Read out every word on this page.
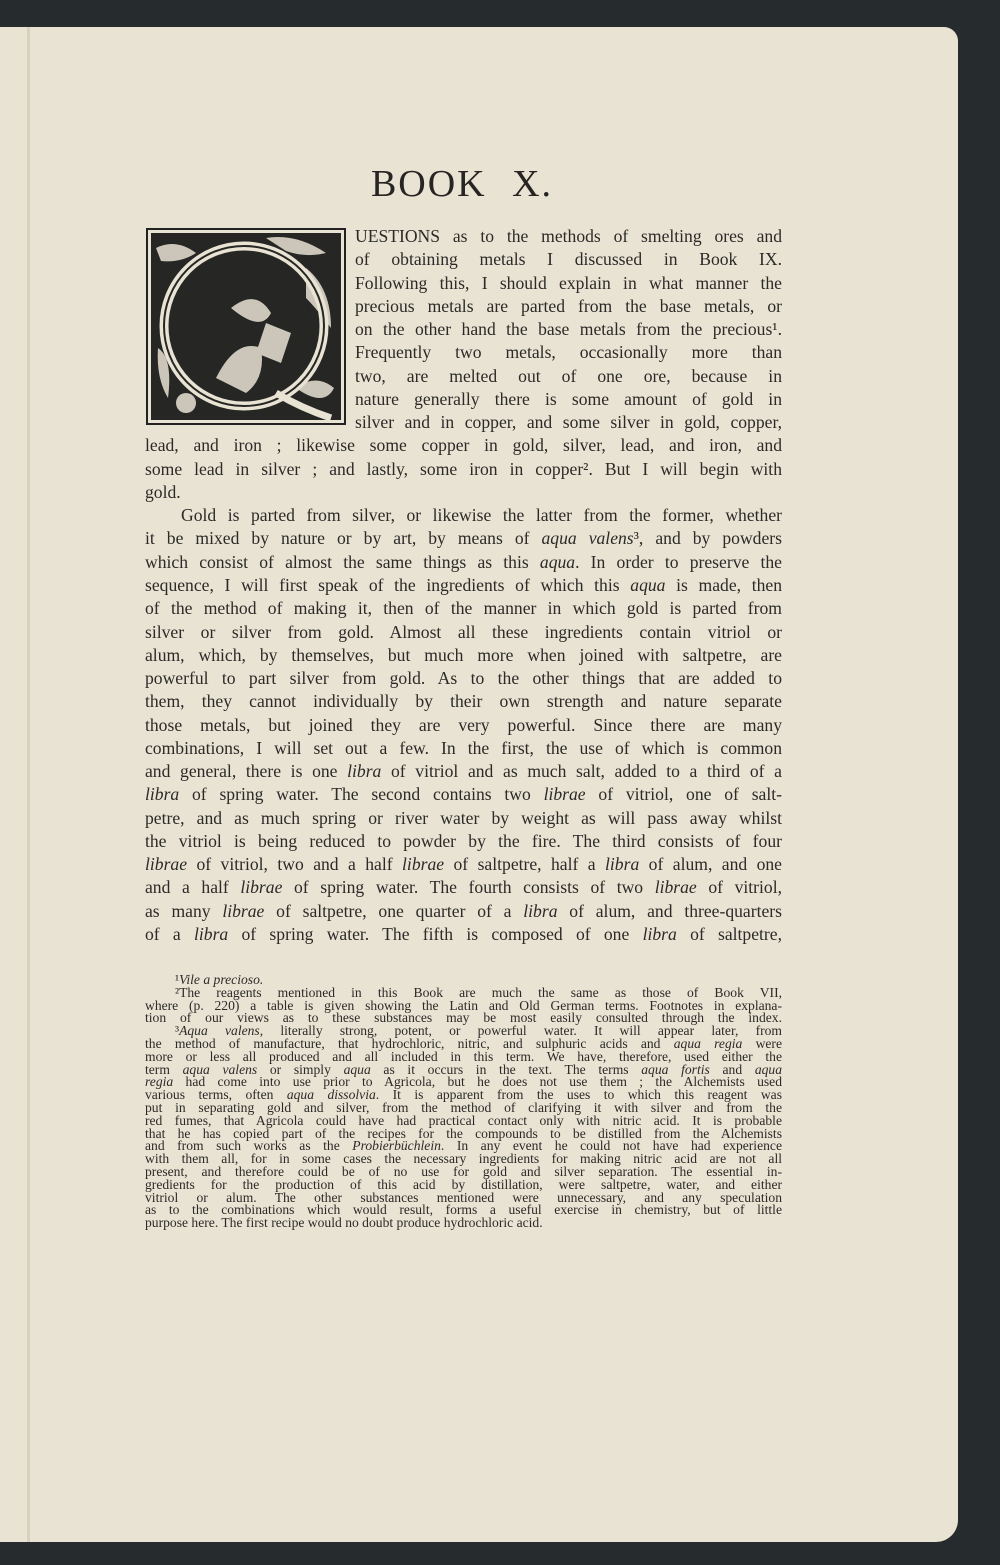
BOOK X.
UESTIONS as to the methods of smelting ores and
of obtaining metals I discussed in Book IX.
Following this, I should explain in what manner the
precious metals are parted from the base metals, or
on the other hand the base metals from the precious¹.
Frequently two metals, occasionally more than
two, are melted out of one ore, because in
nature generally there is some amount of gold in
silver and in copper, and some silver in gold, copper,
lead, and iron ; likewise some copper in gold, silver, lead, and iron, and
some lead in silver ; and lastly, some iron in copper². But I will begin with
gold.
Gold is parted from silver, or likewise the latter from the former, whether
it be mixed by nature or by art, by means of aqua valens³, and by powders
which consist of almost the same things as this aqua. In order to preserve the
sequence, I will first speak of the ingredients of which this aqua is made, then
of the method of making it, then of the manner in which gold is parted from
silver or silver from gold. Almost all these ingredients contain vitriol or
alum, which, by themselves, but much more when joined with saltpetre, are
powerful to part silver from gold. As to the other things that are added to
them, they cannot individually by their own strength and nature separate
those metals, but joined they are very powerful. Since there are many
combinations, I will set out a few. In the first, the use of which is common
and general, there is one libra of vitriol and as much salt, added to a third of a
libra of spring water. The second contains two librae of vitriol, one of salt-
petre, and as much spring or river water by weight as will pass away whilst
the vitriol is being reduced to powder by the fire. The third consists of four
librae of vitriol, two and a half librae of saltpetre, half a libra of alum, and one
and a half librae of spring water. The fourth consists of two librae of vitriol,
as many librae of saltpetre, one quarter of a libra of alum, and three-quarters
of a libra of spring water. The fifth is composed of one libra of saltpetre,
¹Vile a precioso.
²The reagents mentioned in this Book are much the same as those of Book VII,
where (p. 220) a table is given showing the Latin and Old German terms. Footnotes in explana-
tion of our views as to these substances may be most easily consulted through the index.
³Aqua valens, literally strong, potent, or powerful water. It will appear later, from
the method of manufacture, that hydrochloric, nitric, and sulphuric acids and aqua regia were
more or less all produced and all included in this term. We have, therefore, used either the
term aqua valens or simply aqua as it occurs in the text. The terms aqua fortis and aqua
regia had come into use prior to Agricola, but he does not use them ; the Alchemists used
various terms, often aqua dissolvia. It is apparent from the uses to which this reagent was
put in separating gold and silver, from the method of clarifying it with silver and from the
red fumes, that Agricola could have had practical contact only with nitric acid. It is probable
that he has copied part of the recipes for the compounds to be distilled from the Alchemists
and from such works as the Probierbüchlein. In any event he could not have had experience
with them all, for in some cases the necessary ingredients for making nitric acid are not all
present, and therefore could be of no use for gold and silver separation. The essential in-
gredients for the production of this acid by distillation, were saltpetre, water, and either
vitriol or alum. The other substances mentioned were unnecessary, and any speculation
as to the combinations which would result, forms a useful exercise in chemistry, but of little
purpose here. The first recipe would no doubt produce hydrochloric acid.
